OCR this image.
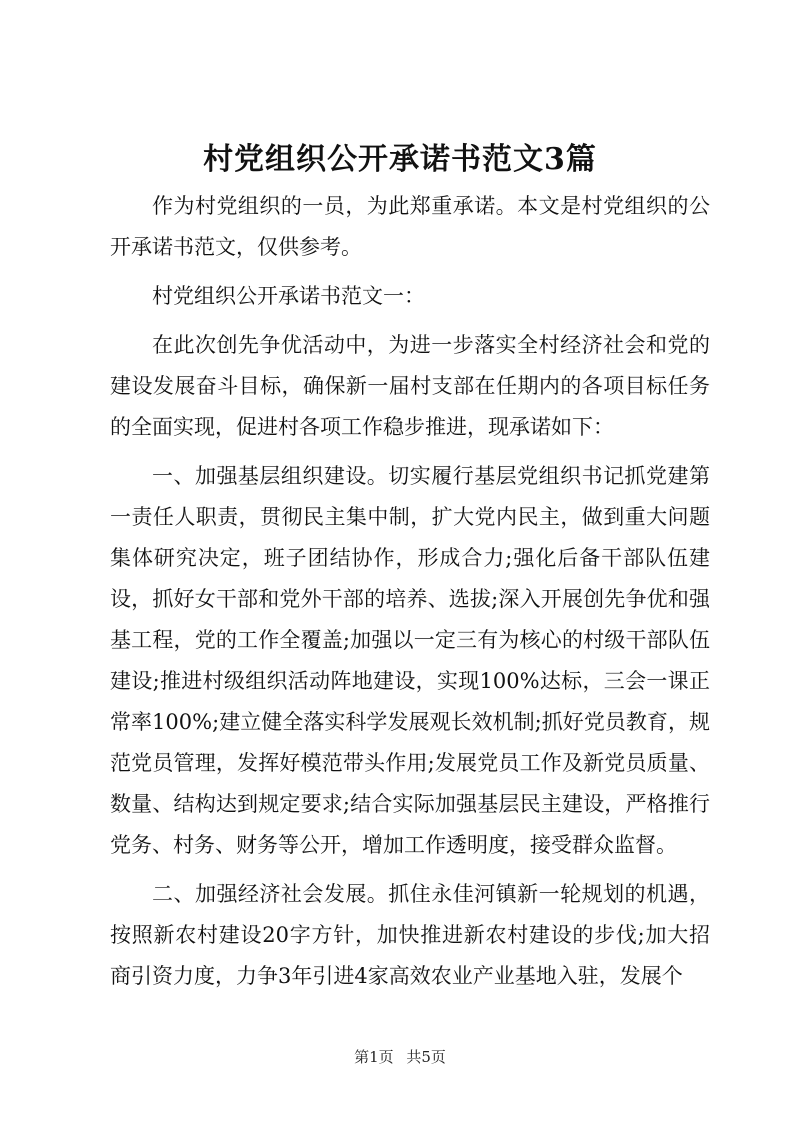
村党组织公开承诺书范文3篇

作为村党组织的一员，为此郑重承诺。本文是村党组织的公开承诺书范文，仅供参考。

村党组织公开承诺书范文一：

在此次创先争优活动中，为进一步落实全村经济社会和党的建设发展奋斗目标，确保新一届村支部在任期内的各项目标任务的全面实现，促进村各项工作稳步推进，现承诺如下：

一、加强基层组织建设。切实履行基层党组织书记抓党建第一责任人职责，贯彻民主集中制，扩大党内民主，做到重大问题集体研究决定，班子团结协作，形成合力;强化后备干部队伍建设，抓好女干部和党外干部的培养、选拔;深入开展创先争优和强基工程，党的工作全覆盖;加强以一定三有为核心的村级干部队伍建设;推进村级组织活动阵地建设，实现100%达标，三会一课正常率100%;建立健全落实科学发展观长效机制;抓好党员教育，规范党员管理，发挥好模范带头作用;发展党员工作及新党员质量、数量、结构达到规定要求;结合实际加强基层民主建设，严格推行党务、村务、财务等公开，增加工作透明度，接受群众监督。

二、加强经济社会发展。抓住永佳河镇新一轮规划的机遇，按照新农村建设20字方针，加快推进新农村建设的步伐;加大招商引资力度，力争3年引进4家高效农业产业基地入驻，发展个

第1页 共5页
